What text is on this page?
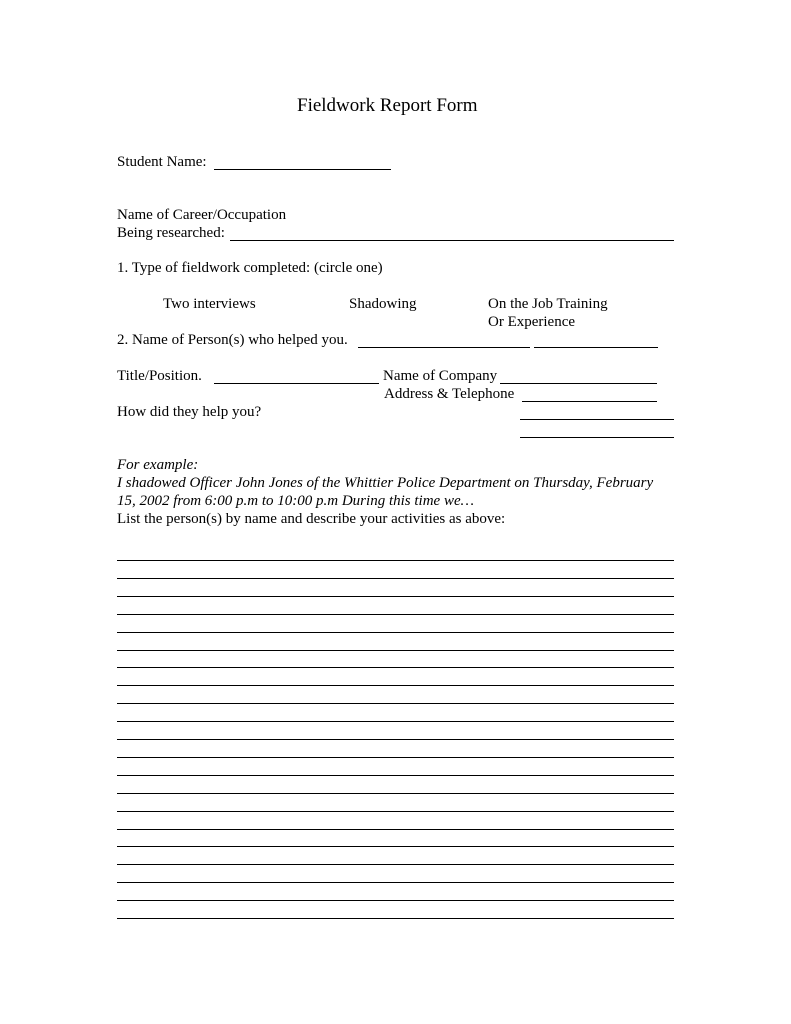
Fieldwork Report Form
Student Name:
Name of Career/Occupation
Being researched:
1. Type of fieldwork completed: (circle one)
Two interviews	Shadowing	On the Job Training
Or Experience
2. Name of Person(s) who helped you.
Title/Position.	Name of Company
Address & Telephone
How did they help you?
For example:
I shadowed Officer John Jones of the Whittier Police Department on Thursday, February
15, 2002 from 6:00 p.m to 10:00 p.m During this time we…
List the person(s) by name and describe your activities as above:
